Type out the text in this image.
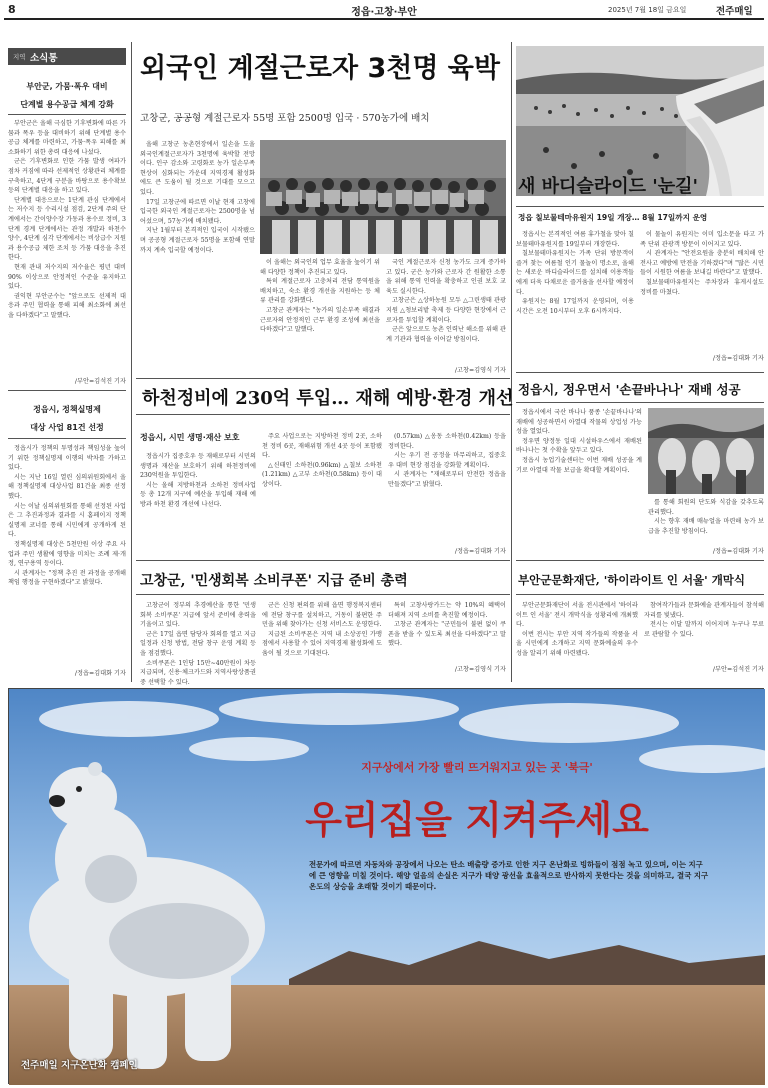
8	정읍·고창·부안	2025년 7월 18일 금요일	전주매일
지역 소식통
부안군, 가뭄·폭우 대비
단계별 용수공급 체계 강화

부안군은 올해 극심한 기후변화에 따른 가뭄과 폭우 등을 대비하기 위해 단계별 용수공급 체계를 마련하고, 가뭄·폭우 피해를 최소화하기 위한 총력 대응에 나섰다.

군은 기후변화로 인한 가뭄 발생 여파가 점차 커짐에 따라 선제적인 상황관리 체계를 구축하고, 4단계 구분을 바탕으로 용수확보 등의 단계별 대응을 하고 있다.

단계별 대응으로는 1단계 관심 단계에서는 저수지 등 수리시설 점검, 2단계 주의 단계에서는 간이양수장 가동과 용수로 정비, 3단계 경계 단계에서는 관정 개발과 하천수 양수, 4단계 심각 단계에서는 비상급수 지원과 용수공급 제한 조치 등 가뭄 대응을 추진한다.

현재 관내 저수지의 저수율은 평년 대비 90% 이상으로 안정적인 수준을 유지하고 있다.

권익현 부안군수는 "앞으로도 선제적 대응과 주민 협력을 통해 피해 최소화에 최선을 다하겠다"고 말했다.

/부안=김석진 기자
정읍시, 정책실명제
대상 사업 81건 선정

정읍시가 정책의 투명성과 책임성을 높이기 위한 정책실명제 이행의 박차를 가하고 있다.

시는 지난 16일 열린 심의위원회에서 올해 정책실명제 대상사업 81건을 최종 선정했다.

시는 이날 심의위원회를 통해 선정된 사업은 그 추진과정과 결과를 시 홈페이지 정책실명제 코너를 통해 시민에게 공개하게 된다.

정책실명제 대상은 5천만원 이상 주요 사업과 주민 생활에 영향을 미치는 조례 제·개정, 연구용역 등이다.

시 관계자는 "정책 추진 전 과정을 공개해 책임 행정을 구현하겠다"고 밝혔다.

/정읍=김대화 기자
외국인 계절근로자 3천명 육박
고창군, 공공형 계절근로자 55명 포함 2500명 입국 · 570농가에 배치

올해 고창군 농촌현장에서 일손을 도울 외국인계절근로자가 3천명에 육박할 전망이다. 인구 감소와 고령화로 농가 일손부족 현상이 심화되는 가운데 지역경제 활성화에도 큰 도움이 될 것으로 기대를 모으고 있다.

17일 고창군에 따르면 이날 현재 고창에 입국한 외국인 계절근로자는 2500명을 넘어섰으며, 57농가에 배치됐다.

지난 1월부터 본격적인 입국이 시작됐으며 공공형 계절근로자 55명을 포함해 연말까지 계속 입국할 예정이다.

이 올해는 외국인의 업무 효율을 높이기 위해 다양한 정책이 추진되고 있다.

특히 계절근로자 고충처리 전담 통역원을 배치하고, 숙소 환경 개선을 지원하는 등 체류 관리를 강화했다.

고창군 관계자는 "농가의 일손부족 해결과 근로자의 안정적인 근무 환경 조성에 최선을 다하겠다"고 말했다.

국인 계절근로자 신청 농가도 크게 증가하고 있다. 군은 농가와 근로자 간 원활한 소통을 위해 통역 인력을 확충하고 인권 보호 교육도 실시한다.

고창군은 △상하농원 모두 △그린생태 관광 지원 △청보리밭 축제 등 다양한 현장에서 근로자를 투입할 계획이다.

군은 앞으로도 농촌 인력난 해소를 위해 관계 기관과 협력을 이어갈 방침이다.

/고창=김영식 기자
새 바디슬라이드 '눈길'
정읍 칠보물테마유원지 19일 개장… 8월 17일까지 운영

정읍시는 본격적인 여름 휴가철을 맞아 칠보물테마유원지를 19일부터 개장한다.

칠보물테마유원지는 가족 단위 방문객이 즐겨 찾는 여름철 인기 물놀이 명소로, 올해는 새로운 바디슬라이드를 설치해 이용객들에게 더욱 다채로운 즐거움을 선사할 예정이다.

유원지는 8월 17일까지 운영되며, 이용 시간은 오전 10시부터 오후 6시까지다.

이 물놀이 유원지는 이미 입소문을 타고 가족 단위 관광객 방문이 이어지고 있다.

시 관계자는 "안전요원을 충분히 배치해 안전사고 예방에 만전을 기하겠다"며 "많은 시민들이 시원한 여름을 보내길 바란다"고 말했다.

칠보물테마유원지는 주차장과 휴게시설도 정비를 마쳤다.

/정읍=김대화 기자
하천정비에 230억 투입… 재해 예방·환경 개선
정읍시, 시민 생명·재산 보호

정읍시가 집중호우 등 재해로부터 시민의 생명과 재산을 보호하기 위해 하천정비에 230억원을 투입한다.

시는 올해 지방하천과 소하천 정비사업 등 총 12개 지구에 예산을 투입해 재해 예방과 하천 환경 개선에 나선다.

주요 사업으로는 지방하천 정비 2곳, 소하천 정비 6곳, 재해위험 개선 4곳 등이 포함됐다.

△신태인 소하천(0.96km) △칠보 소하천(1.21km) △고부 소하천(0.58km) 등이 대상이다.

(0.57km) △옹동 소하천(0.42km) 등을 정비한다.

시는 우기 전 공정을 마무리하고, 집중호우 대비 현장 점검을 강화할 계획이다.

시 관계자는 "재해로부터 안전한 정읍을 만들겠다"고 밝혔다.

/정읍=김대화 기자
정읍시, 정우면서 '손끝바나나' 재배 성공

정읍시에서 국산 바나나 품종 '손끝바나나'의 재배에 성공하면서 아열대 작물의 상업성 가능성을 열었다.

정우면 양정동 일대 시설하우스에서 재배된 바나나는 첫 수확을 앞두고 있다.

정읍시 농업기술센터는 이번 재배 성공을 계기로 아열대 작물 보급을 확대할 계획이다.

를 통해 회원의 단도와 식감을 갖추도록 관리했다.

시는 향후 재배 매뉴얼을 마련해 농가 보급을 추진할 방침이다.

/정읍=김대화 기자
고창군, '민생회복 소비쿠폰' 지급 준비 총력

고창군이 정부의 추경예산을 통한 '민생회복 소비쿠폰' 지급에 앞서 준비에 총력을 기울이고 있다.

군은 17일 읍면 담당자 회의를 열고 지급 일정과 신청 방법, 전담 창구 운영 계획 등을 점검했다.

소비쿠폰은 1인당 15만~40만원이 차등 지급되며, 신용·체크카드와 지역사랑상품권 중 선택할 수 있다.

군은 신청 편의를 위해 읍면 행정복지센터에 전담 창구를 설치하고, 거동이 불편한 주민을 위해 찾아가는 신청 서비스도 운영한다.

지급된 소비쿠폰은 지역 내 소상공인 가맹점에서 사용할 수 있어 지역경제 활성화에 도움이 될 것으로 기대된다.

특히 고창사랑카드는 약 10%의 혜택이 더해져 지역 소비를 촉진할 예정이다.

고창군 관계자는 "군민들이 불편 없이 쿠폰을 받을 수 있도록 최선을 다하겠다"고 말했다.

/고창=김영식 기자
부안군문화재단, '하이라이트 인 서울' 개막식

부안군문화재단이 서울 전시관에서 '하이라이트 인 서울' 전시 개막식을 성황리에 개최했다.

이번 전시는 부안 지역 작가들의 작품을 서울 시민에게 소개하고 지역 문화예술의 우수성을 알리기 위해 마련됐다.

참여작가들과 문화예술 관계자들이 참석해 자리를 빛냈다.

전시는 이달 말까지 이어지며 누구나 무료로 관람할 수 있다.

/부안=김석진 기자
지구상에서 가장 빨리 뜨거워지고 있는 곳 '북극'
우리집을 지켜주세요
전문가에 따르면 자동차와 공장에서 나오는 탄소 배출량 증가로 인한 지구 온난화로 빙하들이 점점 녹고 있으며, 이는 지구에 큰 영향을 미칠 것이다. 해양 얼음의 손실은 지구가 태양 광선을 효율적으로 반사하지 못한다는 것을 의미하고, 결국 지구 온도의 상승을 초래할 것이기 때문이다.
전주매일 지구온난화 캠페인
